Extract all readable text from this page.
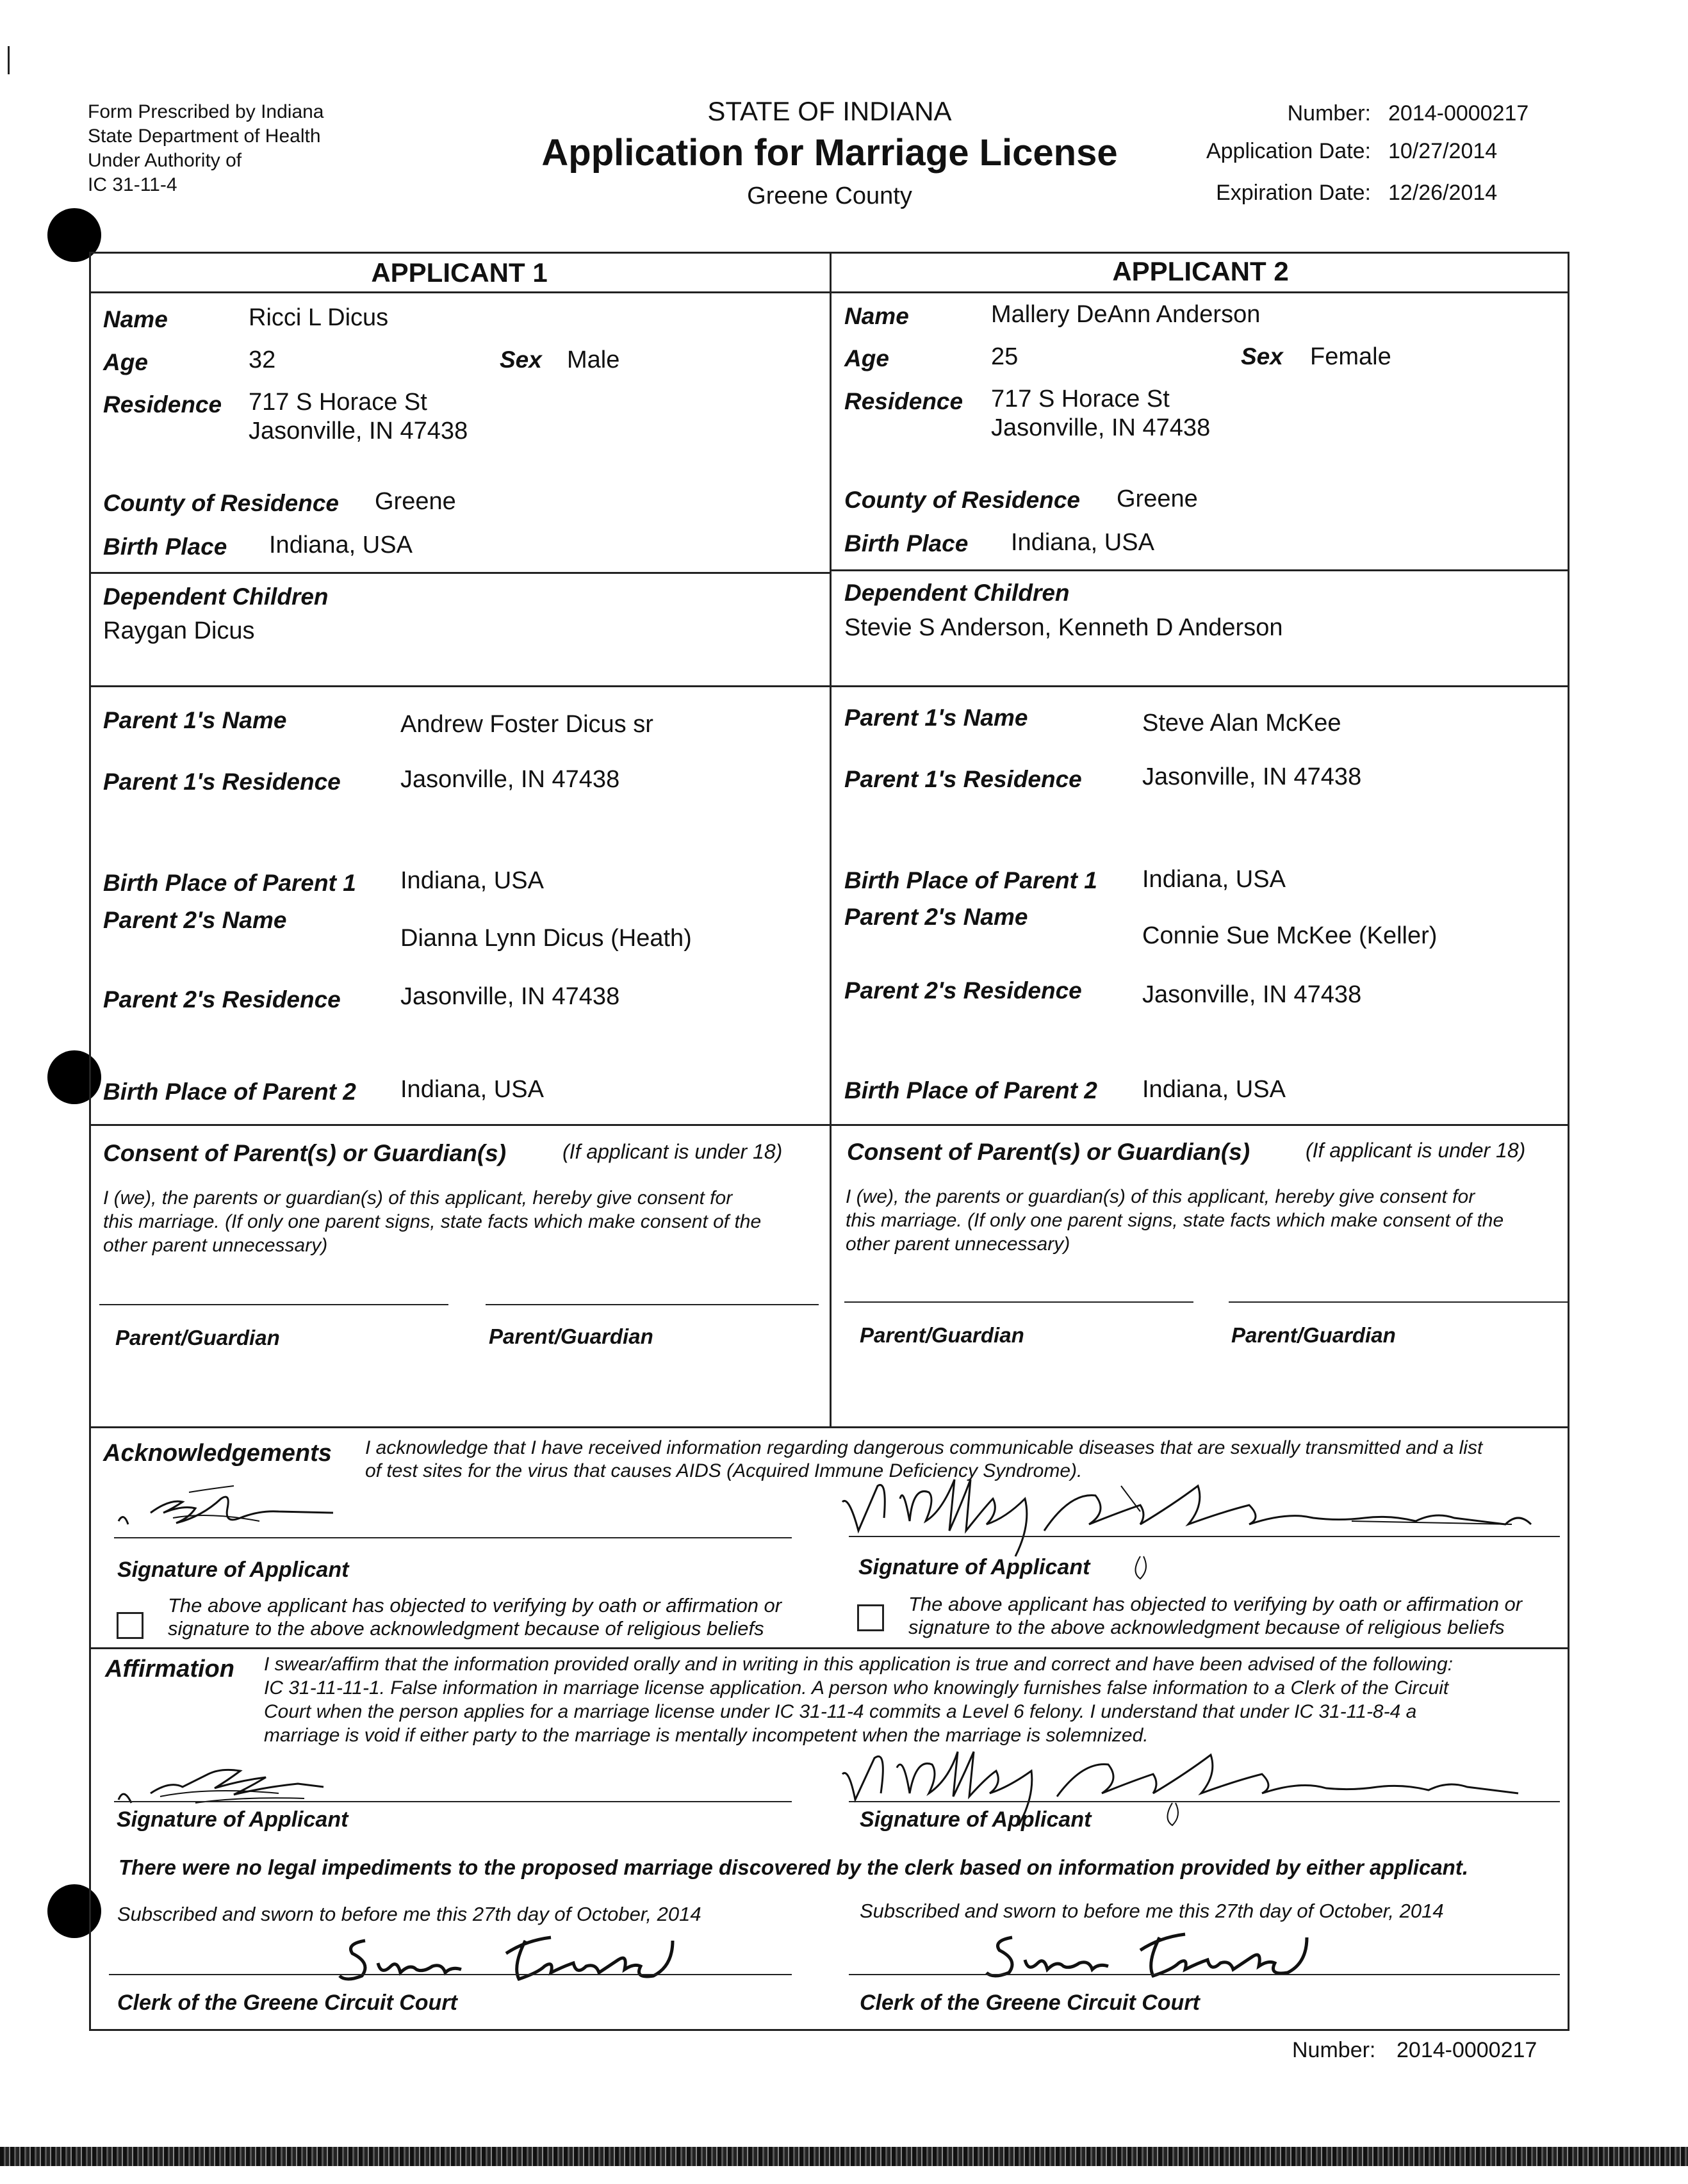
Form Prescribed by Indiana
State Department of Health
Under Authority of
IC 31-11-4
STATE OF INDIANA
Application for Marriage License
Greene County
Number: 2014-0000217
Application Date: 10/27/2014
Expiration Date: 12/26/2014
APPLICANT 1	APPLICANT 2
Name	Ricci L Dicus
Age	32	Sex Male
Residence 717 S Horace St
Jasonville, IN 47438
County of Residence Greene
Birth Place Indiana, USA
Dependent Children
Raygan Dicus
Parent 1's Name	Andrew Foster Dicus sr
Parent 1's Residence Jasonville, IN 47438
Birth Place of Parent 1 Indiana, USA
Parent 2's Name
Dianna Lynn Dicus (Heath)
Parent 2's Residence Jasonville, IN 47438
Birth Place of Parent 2 Indiana, USA
Name	Mallery DeAnn Anderson
Age	25	Sex Female
Residence 717 S Horace St
Jasonville, IN 47438
County of Residence Greene
Birth Place Indiana, USA
Dependent Children
Stevie S Anderson, Kenneth D Anderson
Parent 1's Name	Steve Alan McKee
Parent 1's Residence Jasonville, IN 47438
Birth Place of Parent 1 Indiana, USA
Parent 2's Name
Connie Sue McKee (Keller)
Parent 2's Residence Jasonville, IN 47438
Birth Place of Parent 2 Indiana, USA
Consent of Parent(s) or Guardian(s)	(If applicant is under 18)
I (we), the parents or guardian(s) of this applicant, hereby give consent for
this marriage. (If only one parent signs, state facts which make consent of the
other parent unnecessary)
Parent/Guardian	Parent/Guardian
Consent of Parent(s) or Guardian(s)	(If applicant is under 18)
I (we), the parents or guardian(s) of this applicant, hereby give consent for
this marriage. (If only one parent signs, state facts which make consent of the
other parent unnecessary)
Parent/Guardian	Parent/Guardian
Acknowledgements I acknowledge that I have received information regarding dangerous communicable diseases that are sexually transmitted and a list
of test sites for the virus that causes AIDS (Acquired Immune Deficiency Syndrome).
Signature of Applicant
The above applicant has objected to verifying by oath or affirmation or
signature to the above acknowledgment because of religious beliefs
Signature of Applicant
The above applicant has objected to verifying by oath or affirmation or
signature to the above acknowledgment because of religious beliefs
Affirmation I swear/affirm that the information provided orally and in writing in this application is true and correct and have been advised of the following:
IC 31-11-11-1. False information in marriage license application. A person who knowingly furnishes false information to a Clerk of the Circuit
Court when the person applies for a marriage license under IC 31-11-4 commits a Level 6 felony. I understand that under IC 31-11-8-4 a
marriage is void if either party to the marriage is mentally incompetent when the marriage is solemnized.
Signature of Applicant	Signature of Applicant
There were no legal impediments to the proposed marriage discovered by the clerk based on information provided by either applicant.
Subscribed and sworn to before me this 27th day of October, 2014	Subscribed and sworn to before me this 27th day of October, 2014
Clerk of the Greene Circuit Court	Clerk of the Greene Circuit Court
Number: 2014-0000217
